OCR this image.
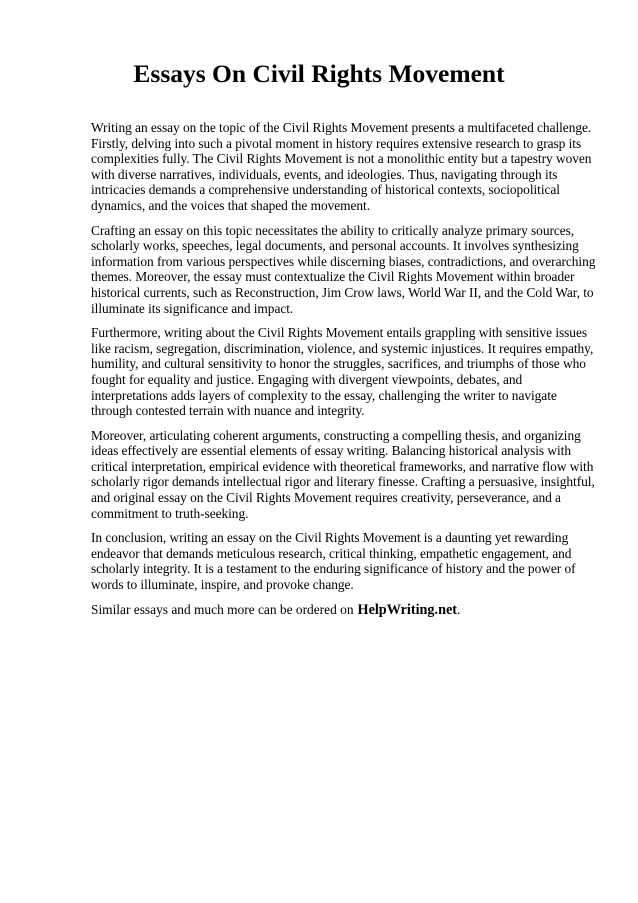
Essays On Civil Rights Movement

Writing an essay on the topic of the Civil Rights Movement presents a multifaceted challenge. Firstly, delving into such a pivotal moment in history requires extensive research to grasp its complexities fully. The Civil Rights Movement is not a monolithic entity but a tapestry woven with diverse narratives, individuals, events, and ideologies. Thus, navigating through its intricacies demands a comprehensive understanding of historical contexts, sociopolitical dynamics, and the voices that shaped the movement.

Crafting an essay on this topic necessitates the ability to critically analyze primary sources, scholarly works, speeches, legal documents, and personal accounts. It involves synthesizing information from various perspectives while discerning biases, contradictions, and overarching themes. Moreover, the essay must contextualize the Civil Rights Movement within broader historical currents, such as Reconstruction, Jim Crow laws, World War II, and the Cold War, to illuminate its significance and impact.

Furthermore, writing about the Civil Rights Movement entails grappling with sensitive issues like racism, segregation, discrimination, violence, and systemic injustices. It requires empathy, humility, and cultural sensitivity to honor the struggles, sacrifices, and triumphs of those who fought for equality and justice. Engaging with divergent viewpoints, debates, and interpretations adds layers of complexity to the essay, challenging the writer to navigate through contested terrain with nuance and integrity.

Moreover, articulating coherent arguments, constructing a compelling thesis, and organizing ideas effectively are essential elements of essay writing. Balancing historical analysis with critical interpretation, empirical evidence with theoretical frameworks, and narrative flow with scholarly rigor demands intellectual rigor and literary finesse. Crafting a persuasive, insightful, and original essay on the Civil Rights Movement requires creativity, perseverance, and a commitment to truth-seeking.

In conclusion, writing an essay on the Civil Rights Movement is a daunting yet rewarding endeavor that demands meticulous research, critical thinking, empathetic engagement, and scholarly integrity. It is a testament to the enduring significance of history and the power of words to illuminate, inspire, and provoke change.

Similar essays and much more can be ordered on HelpWriting.net.
